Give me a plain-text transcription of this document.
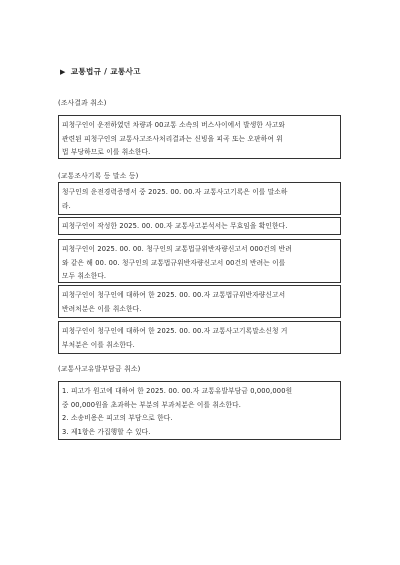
▶ 교통법규 / 교통사고
(조사결과 취소)
피청구인이 운전하였던 차량과 00교통 소속의 버스사이에서 발생한 사고와
관련된 피청구인의 교통사고조사처리결과는 신빙을 피곡 또는 오판하여 위
법 부당하므로 이를 취소한다.
(교통조사기록 등 말소 등)
청구인의 운전경력증명서 중 2025. 00. 00.자 교통사고기록은 이를 말소하
라.
피청구인이 작성한 2025. 00. 00.자 교통사고분석서는 무효임을 확인한다.
피청구인이 2025. 00. 00. 청구인의 교통법규위반자량신고서 000건의 반려
와 같은 해 00. 00. 청구인의 교통법규위반자량신고서 00건의 반려는 이를
모두 취소한다.
피청구인이 청구인에 대하여 한 2025. 00. 00.자 교통법규위반자량신고서
반려처분은 이를 취소한다.
피청구인이 청구인에 대하여 한 2025. 00. 00.자 교통사고기록말소신청 거
부처분은 이를 취소한다.
(교통사고유발부담금 취소)
1. 피고가 원고에 대하여 한 2025. 00. 00.자 교통유발부담금 0,000,000원
중 00,000원을 초과하는 부분의 부과처분은 이를 취소한다.
2. 소송비용은 피고의 부담으로 한다.
3. 제1항은 가집행할 수 있다.
